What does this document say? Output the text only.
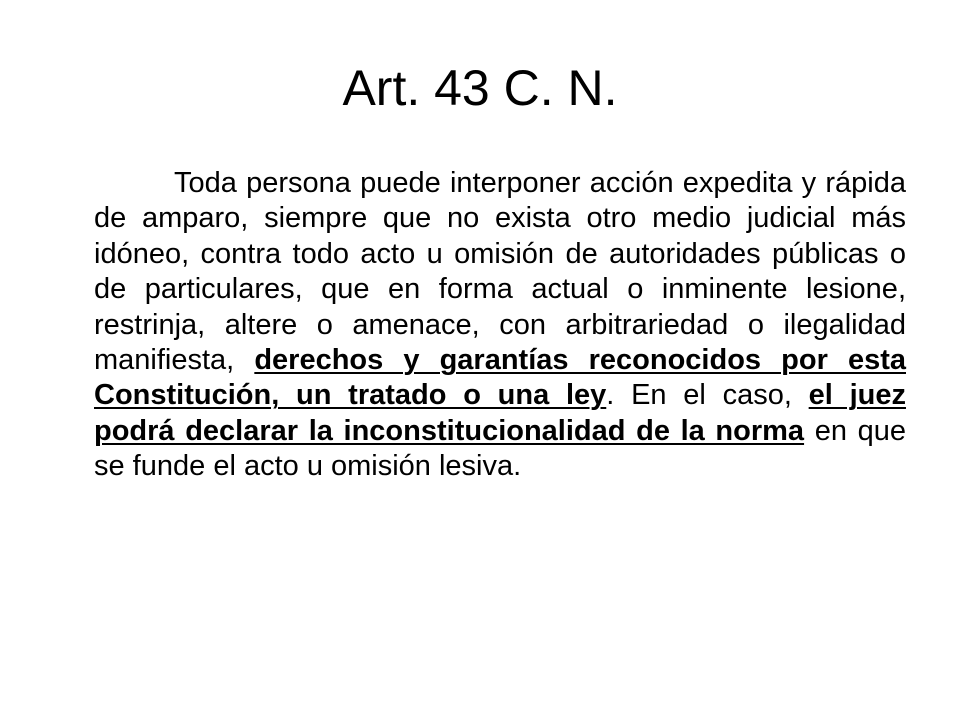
Art. 43 C. N.

Toda persona puede interponer acción expedita y rápida de amparo, siempre que no exista otro medio judicial más idóneo, contra todo acto u omisión de autoridades públicas o de particulares, que en forma actual o inminente lesione, restrinja, altere o amenace, con arbitrariedad o ilegalidad manifiesta, derechos y garantías reconocidos por esta Constitución, un tratado o una ley. En el caso, el juez podrá declarar la inconstitucionalidad de la norma en que se funde el acto u omisión lesiva.
